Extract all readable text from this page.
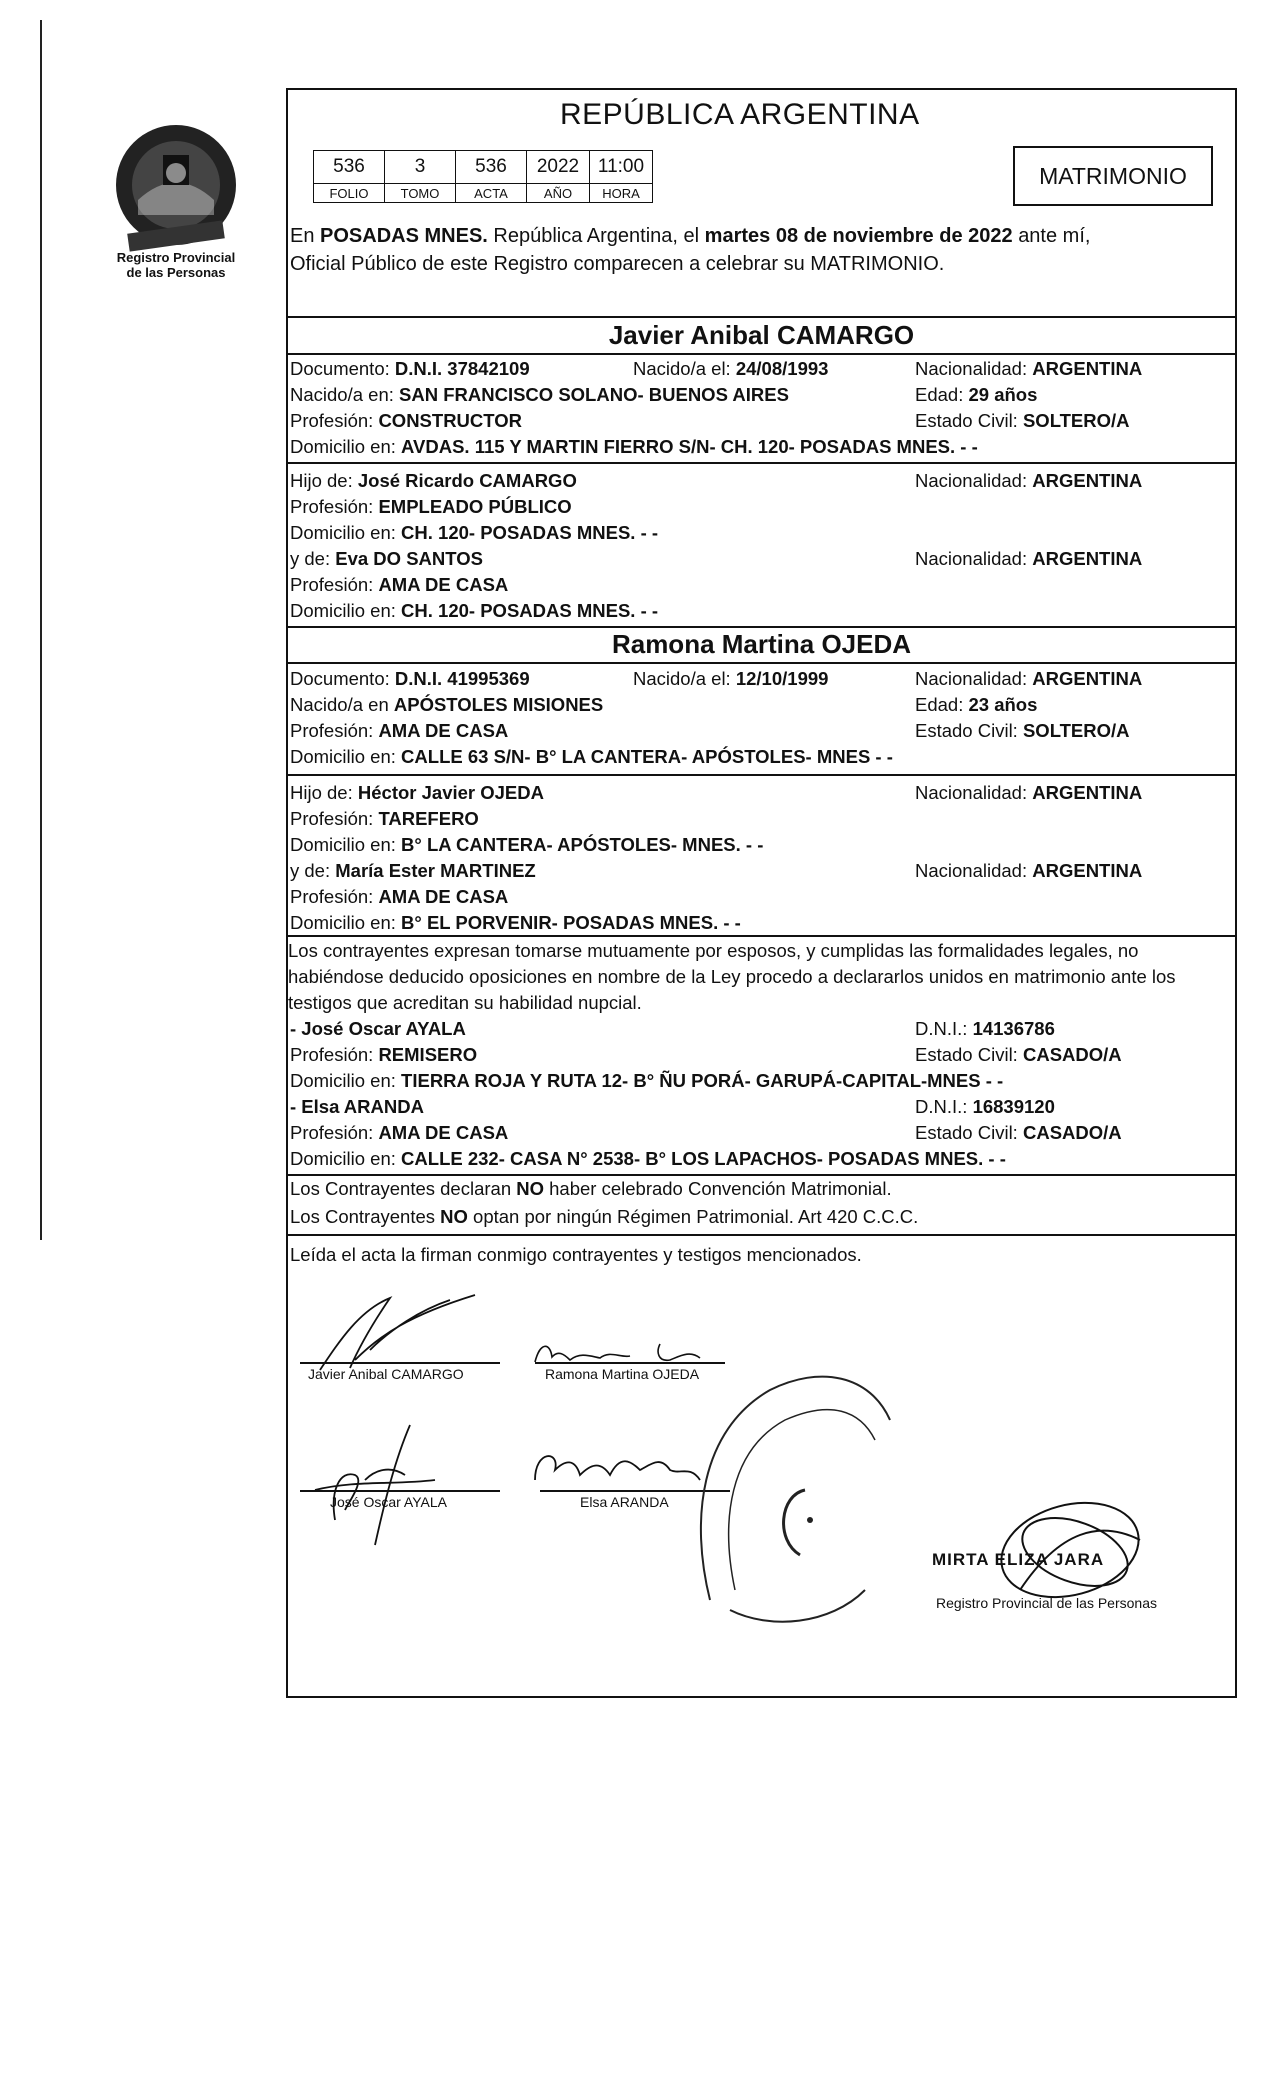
Registro Provincial
de las Personas
REPÚBLICA ARGENTINA
536	3	536	2022	11:00
FOLIO	TOMO	ACTA	AÑO	HORA
MATRIMONIO
En POSADAS MNES. República Argentina, el martes 08 de noviembre de 2022 ante mí,
Oficial Público de este Registro comparecen a celebrar su MATRIMONIO.
Javier Anibal CAMARGO
Documento: D.N.I. 37842109	Nacido/a el: 24/08/1993	Nacionalidad: ARGENTINA
Nacido/a en: SAN FRANCISCO SOLANO- BUENOS AIRES	Edad: 29 años
Profesión: CONSTRUCTOR	Estado Civil: SOLTERO/A
Domicilio en: AVDAS. 115 Y MARTIN FIERRO S/N- CH. 120- POSADAS MNES. - -
Hijo de: José Ricardo CAMARGO	Nacionalidad: ARGENTINA
Profesión: EMPLEADO PÚBLICO
Domicilio en: CH. 120- POSADAS MNES. - -
y de: Eva DO SANTOS	Nacionalidad: ARGENTINA
Profesión: AMA DE CASA
Domicilio en: CH. 120- POSADAS MNES. - -
Ramona Martina OJEDA
Documento: D.N.I. 41995369	Nacido/a el: 12/10/1999	Nacionalidad: ARGENTINA
Nacido/a en APÓSTOLES MISIONES	Edad: 23 años
Profesión: AMA DE CASA	Estado Civil: SOLTERO/A
Domicilio en: CALLE 63 S/N- B° LA CANTERA- APÓSTOLES- MNES - -
Hijo de: Héctor Javier OJEDA	Nacionalidad: ARGENTINA
Profesión: TAREFERO
Domicilio en: B° LA CANTERA- APÓSTOLES- MNES. - -
y de: María Ester MARTINEZ	Nacionalidad: ARGENTINA
Profesión: AMA DE CASA
Domicilio en: B° EL PORVENIR- POSADAS MNES. - -
Los contrayentes expresan tomarse mutuamente por esposos, y cumplidas las formalidades legales, no habiéndose deducido oposiciones en nombre de la Ley procedo a declararlos unidos en matrimonio ante los testigos que acreditan su habilidad nupcial.
- José Oscar AYALA	D.N.I.: 14136786
Profesión: REMISERO	Estado Civil: CASADO/A
Domicilio en: TIERRA ROJA Y RUTA 12- B° ÑU PORÁ- GARUPÁ-CAPITAL-MNES - -
- Elsa ARANDA	D.N.I.: 16839120
Profesión: AMA DE CASA	Estado Civil: CASADO/A
Domicilio en: CALLE 232- CASA N° 2538- B° LOS LAPACHOS- POSADAS MNES. - -
Los Contrayentes declaran NO haber celebrado Convención Matrimonial.
Los Contrayentes NO optan por ningún Régimen Patrimonial. Art 420 C.C.C.
Leída el acta la firman conmigo contrayentes y testigos mencionados.
Javier Anibal CAMARGO	Ramona Martina OJEDA
José Oscar AYALA	Elsa ARANDA
MIRTA ELIZA JARA
Registro Provincial de las Personas
